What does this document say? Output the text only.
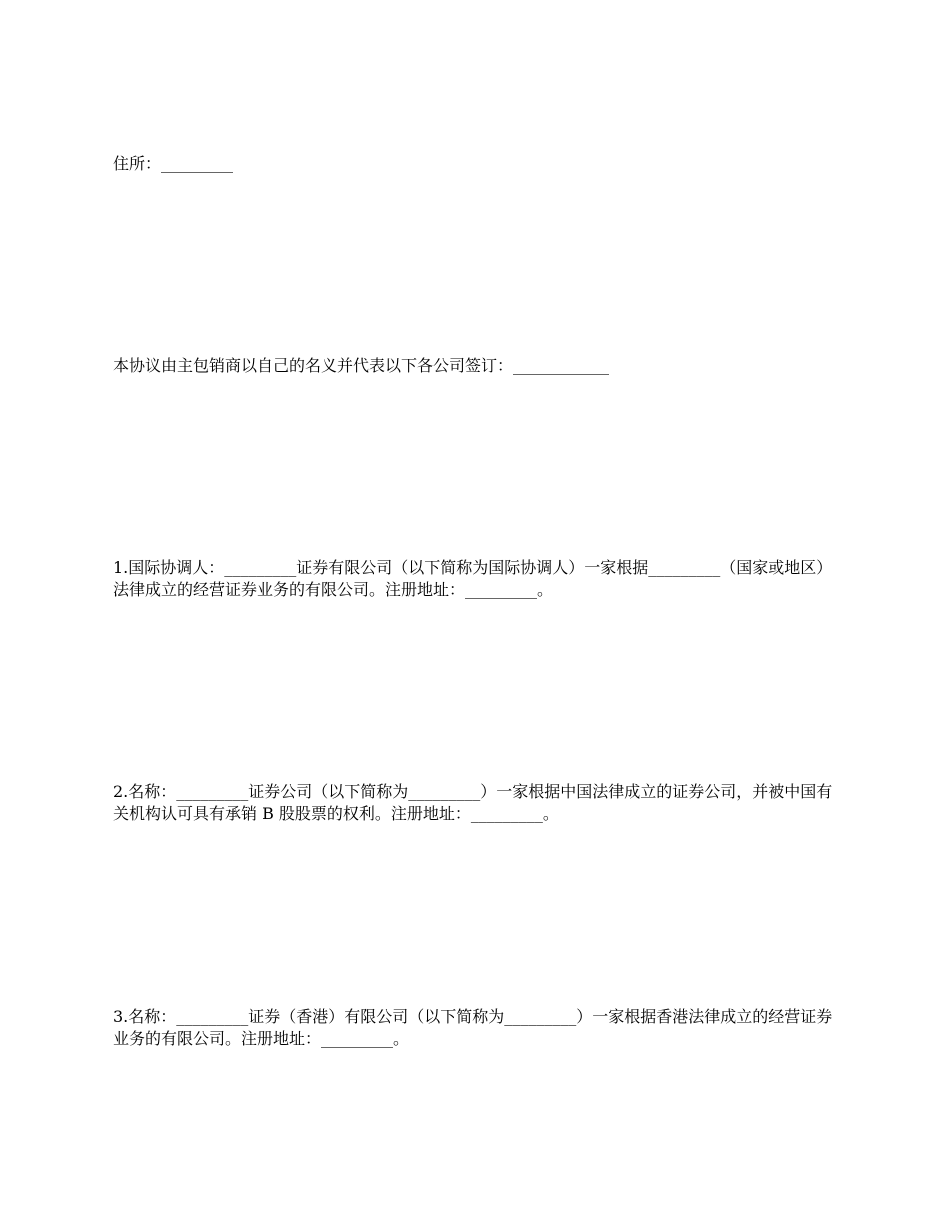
住所：_________

本协议由主包销商以自己的名义并代表以下各公司签订：____________

1.国际协调人：_________证券有限公司（以下简称为国际协调人）一家根据_________（国家或地区）法律成立的经营证券业务的有限公司。注册地址：_________。

2.名称：_________证券公司（以下简称为_________）一家根据中国法律成立的证券公司，并被中国有关机构认可具有承销 B 股股票的权利。注册地址：_________。

3.名称：_________证券（香港）有限公司（以下简称为_________）一家根据香港法律成立的经营证券业务的有限公司。注册地址：_________。
